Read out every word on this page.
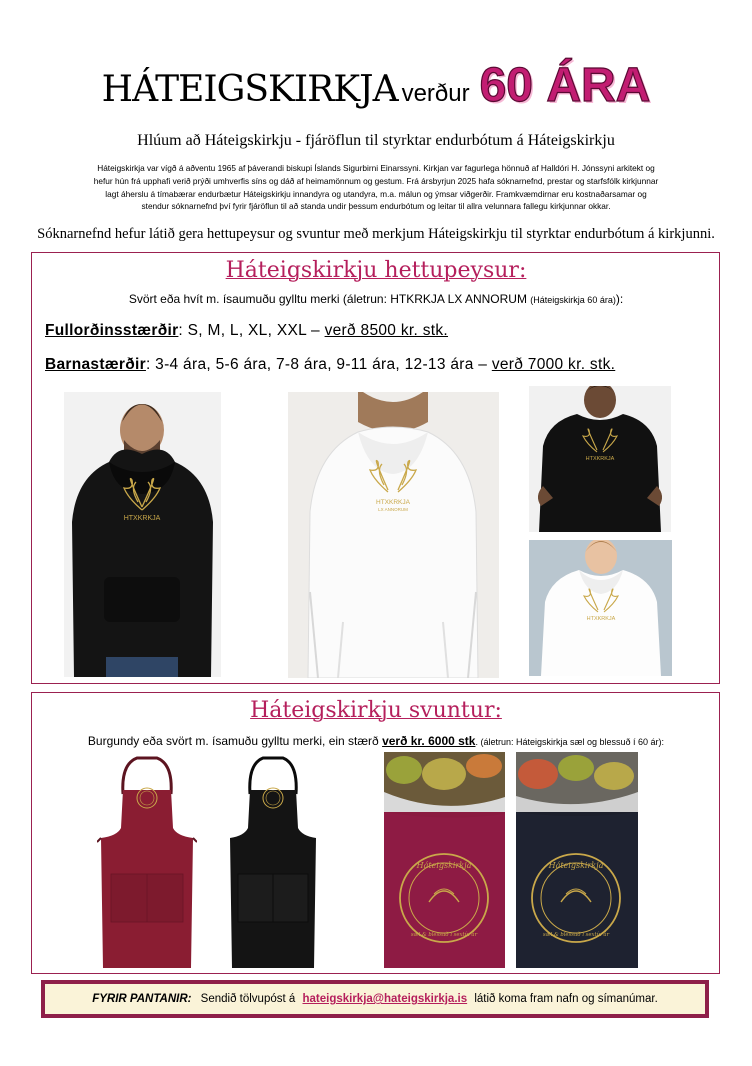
HÁTEIGSKIRKJA verður 60 ÁRA
Hlúum að Háteigskirkju - fjáröflun til styrktar endurbótum á Háteigskirkju
Háteigskirkja var vígð á aðventu 1965 af þáverandi biskupi Íslands Sigurbirni Einarssyni. Kirkjan var fagurlega hönnuð af Halldóri H. Jónssyni arkitekt og
hefur hún frá upphafi verið prýði umhverfis síns og dáð af heimamönnum og gestum. Frá ársbyrjun 2025 hafa sóknarnefnd, prestar og starfsfólk kirkjunnar
lagt áherslu á tímabærar endurbætur Háteigskirkju innandyra og utandyra, m.a. málun og ýmsar viðgerðir. Framkvæmdirnar eru kostnaðarsamar og
stendur sóknarnefnd því fyrir fjáröflun til að standa undir þessum endurbótum og leitar til allra velunnara fallegu kirkjunnar okkar.
Sóknarnefnd hefur látið gera hettupeysur og svuntur með merkjum Háteigskirkju til styrktar endurbótum á kirkjunni.
Háteigskirkju hettupeysur:
Svört eða hvít m. ísaumuðu gylltu merki (áletrun: HTKRKJA LX ANNORUM (Háteigskirkja 60 ára)):
Fullorðinsstærðir: S, M, L, XL, XXL – verð 8500 kr. stk.
Barnastærðir: 3-4 ára, 5-6 ára, 7-8 ára, 9-11 ára, 12-13 ára – verð 7000 kr. stk.
HTXKRKJA
HTXKRKJA
LX ANNORUM
HTXKRKJA
HTXKRKJA
Háteigskirkju svuntur:
Burgundy eða svört m. ísamuðu gylltu merki, ein stærð verð kr. 6000 stk. (áletrun: Háteigskirkja sæl og blessuð í 60 ár):
Háteigskirkja
sæl & blessuð í sextíu ár
Háteigskirkja
sæl & blessuð í sextíu ár
FYRIR PANTANIR: Sendið tölvupóst á hateigskirkja@hateigskirkja.is látið koma fram nafn og símanúmar.
